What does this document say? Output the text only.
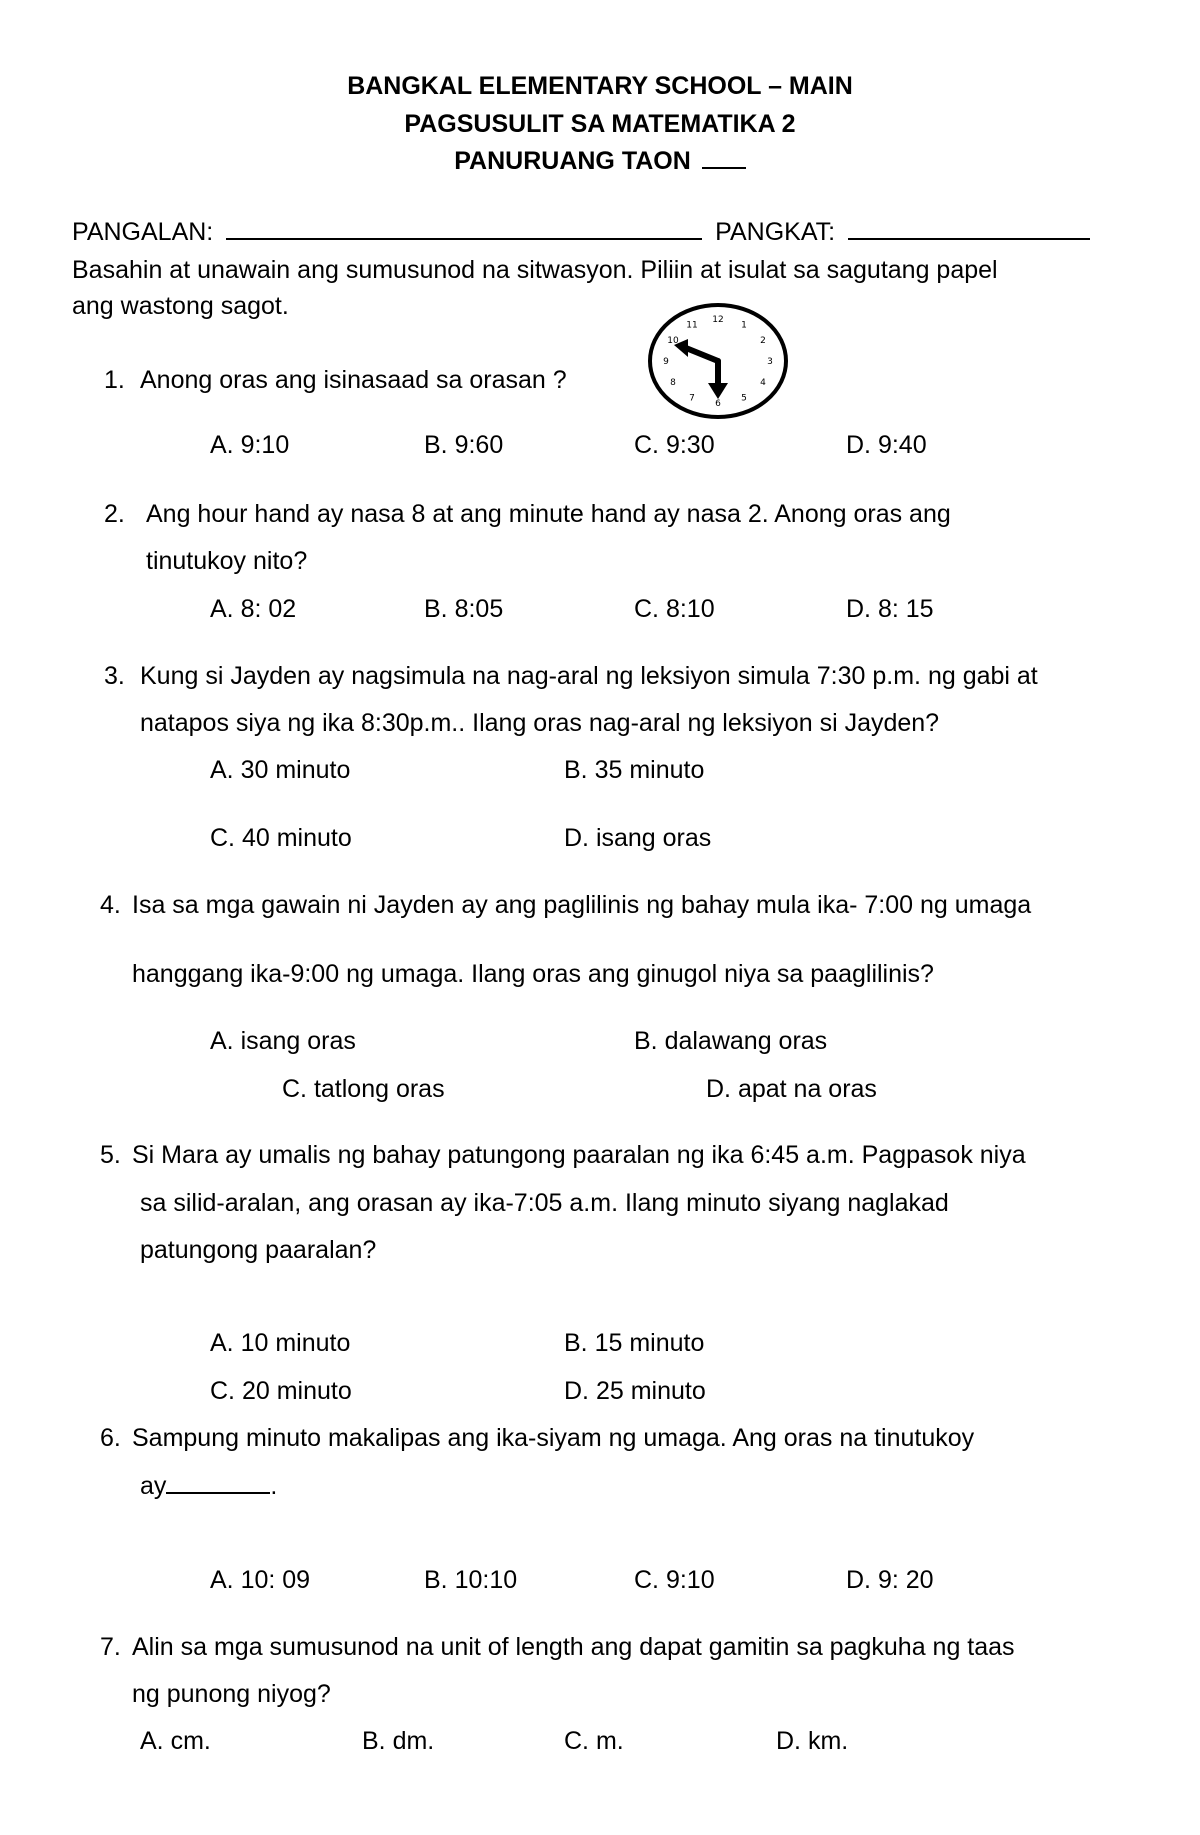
BANGKAL ELEMENTARY SCHOOL – MAIN
PAGSUSULIT SA MATEMATIKA 2
PANURUANG TAON
PANGALAN:	PANGKAT:
Basahin at unawain ang sumusunod na sitwasyon. Piliin at isulat sa sagutang papel
ang wastong sagot.	12
1
2
3
4
5
6
7
8
9
10
11
1. Anong oras ang isinasaad sa orasan ?
A. 9:10	B. 9:60	C. 9:30	D. 9:40
2. Ang hour hand ay nasa 8 at ang minute hand ay nasa 2. Anong oras ang
tinutukoy nito?
A. 8: 02	B. 8:05	C. 8:10	D. 8: 15
3. Kung si Jayden ay nagsimula na nag-aral ng leksiyon simula 7:30 p.m. ng gabi at
natapos siya ng ika 8:30p.m.. Ilang oras nag-aral ng leksiyon si Jayden?
A. 30 minuto	B. 35 minuto
C. 40 minuto	D. isang oras
4. Isa sa mga gawain ni Jayden ay ang paglilinis ng bahay mula ika- 7:00 ng umaga
hanggang ika-9:00 ng umaga. Ilang oras ang ginugol niya sa paaglilinis?
A. isang oras	B. dalawang oras
C. tatlong oras	D. apat na oras
5. Si Mara ay umalis ng bahay patungong paaralan ng ika 6:45 a.m. Pagpasok niya
sa silid-aralan, ang orasan ay ika-7:05 a.m. Ilang minuto siyang naglakad
patungong paaralan?
A. 10 minuto	B. 15 minuto
C. 20 minuto	D. 25 minuto
6. Sampung minuto makalipas ang ika-siyam ng umaga. Ang oras na tinutukoy
ay	.
A. 10: 09	B. 10:10	C. 9:10	D. 9: 20
7. Alin sa mga sumusunod na unit of length ang dapat gamitin sa pagkuha ng taas
ng punong niyog?
A. cm.	B. dm.	C. m.	D. km.
